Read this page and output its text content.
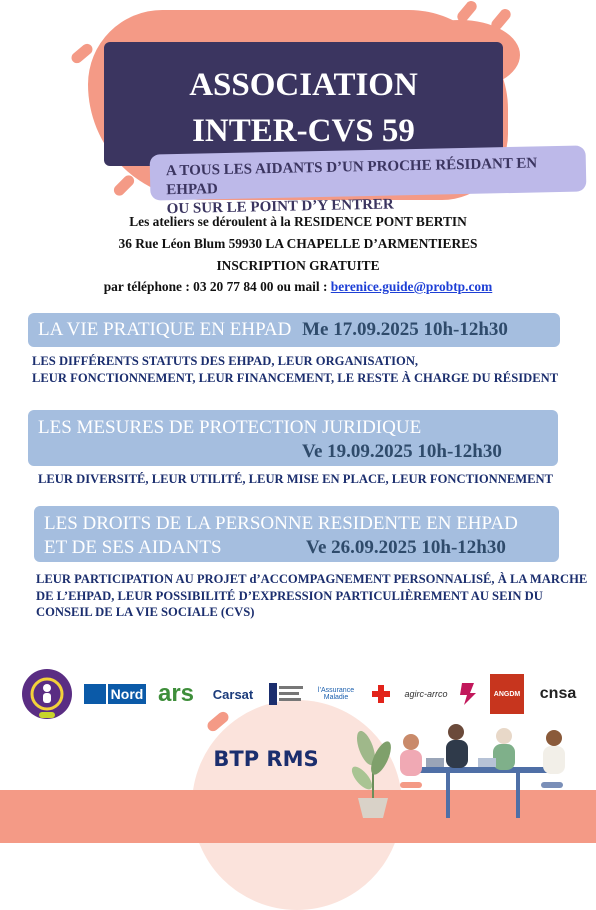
ASSOCIATION
INTER-CVS 59
A TOUS LES AIDANTS D’UN PROCHE RÉSIDANT EN EHPAD
OU SUR LE POINT D’Y ENTRER
Les ateliers se déroulent à la RESIDENCE PONT BERTIN
36 Rue Léon Blum 59930 LA CHAPELLE D’ARMENTIERES
INSCRIPTION GRATUITE
par téléphone : 03 20 77 84 00 ou mail : berenice.guide@probtp.com
LA VIE PRATIQUE EN EHPAD Me 17.09.2025 10h-12h30
LES DIFFÉRENTS STATUTS DES EHPAD, LEUR ORGANISATION,
LEUR FONCTIONNEMENT, LEUR FINANCEMENT, LE RESTE À CHARGE DU RÉSIDENT
LES MESURES DE PROTECTION JURIDIQUE
Ve 19.09.2025 10h-12h30
LEUR DIVERSITÉ, LEUR UTILITÉ, LEUR MISE EN PLACE, LEUR FONCTIONNEMENT
LES DROITS DE LA PERSONNE RESIDENTE EN EHPAD
ET DE SES AIDANTS	Ve 26.09.2025 10h-12h30
LEUR PARTICIPATION AU PROJET d’ACCOMPAGNEMENT PERSONNALISÉ, À LA MARCHE
DE L’EHPAD, LEUR POSSIBILITÉ D’EXPRESSION PARTICULIÈREMENT AU SEIN DU
CONSEIL DE LA VIE SOCIALE (CVS)
Nord ars	Carsat	l’Assurance Maladie	agirc-arrco	ANGDM	cnsa
BTP RMS
